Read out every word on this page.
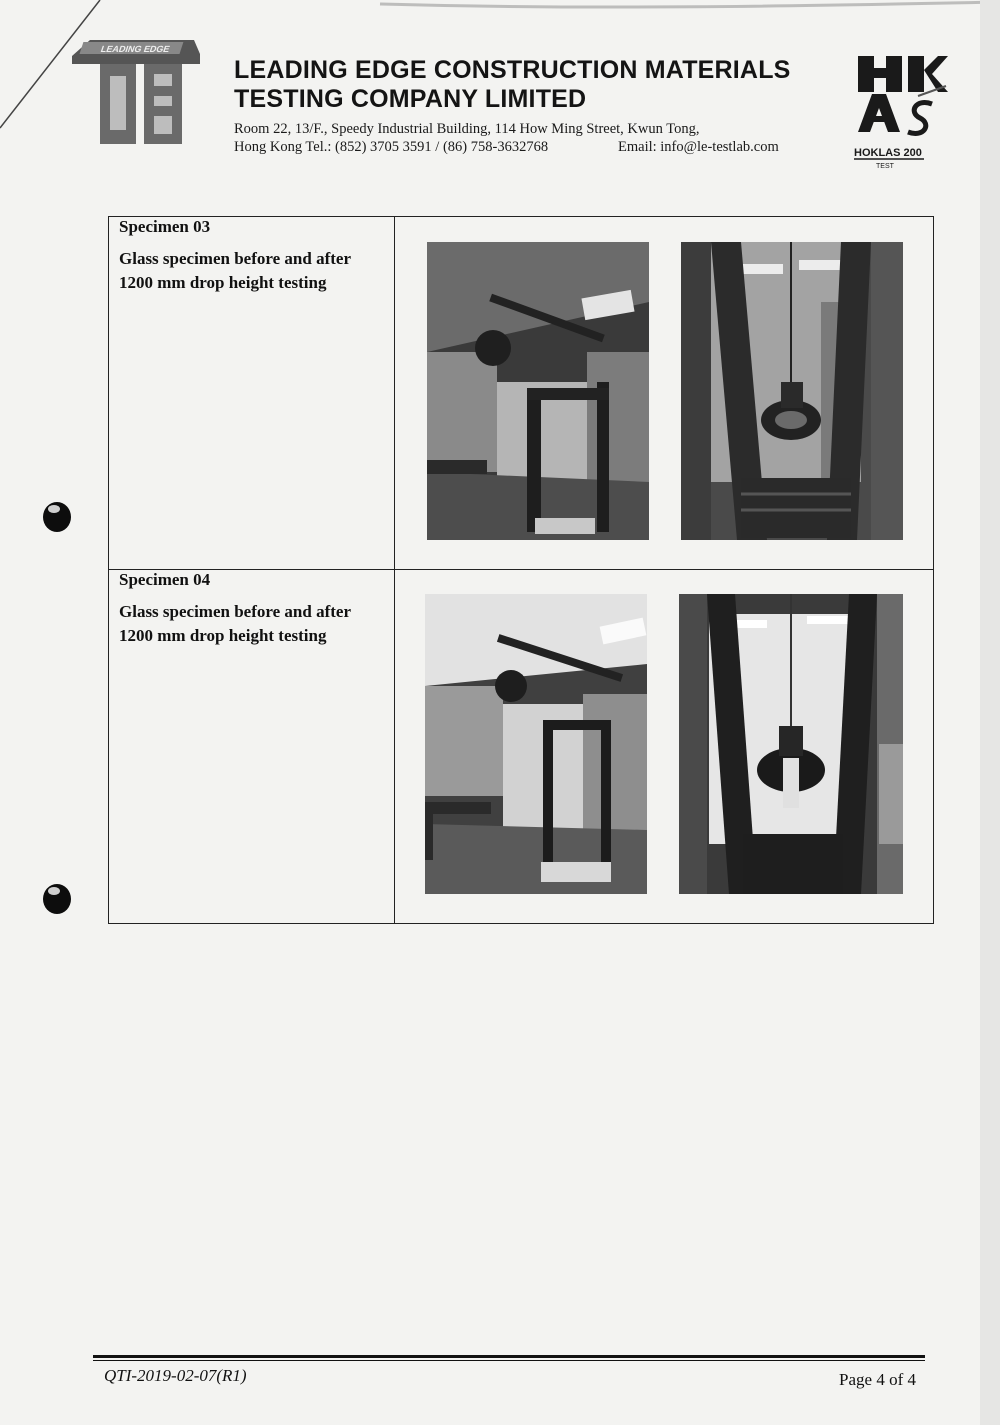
LEADING EDGE
LEADING EDGE CONSTRUCTION MATERIALS
TESTING COMPANY LIMITED
Room 22, 13/F., Speedy Industrial Building, 114 How Ming Street, Kwun Tong,
Hong Kong Tel.: (852) 3705 3591 / (86) 758-3632768	Email: info@le-testlab.com	HOKLAS 200
TEST
Specimen 03
Glass specimen before and after 1200 mm drop height testing
Specimen 04
Glass specimen before and after 1200 mm drop height testing
QTI-2019-02-07(R1)	Page 4 of 4
